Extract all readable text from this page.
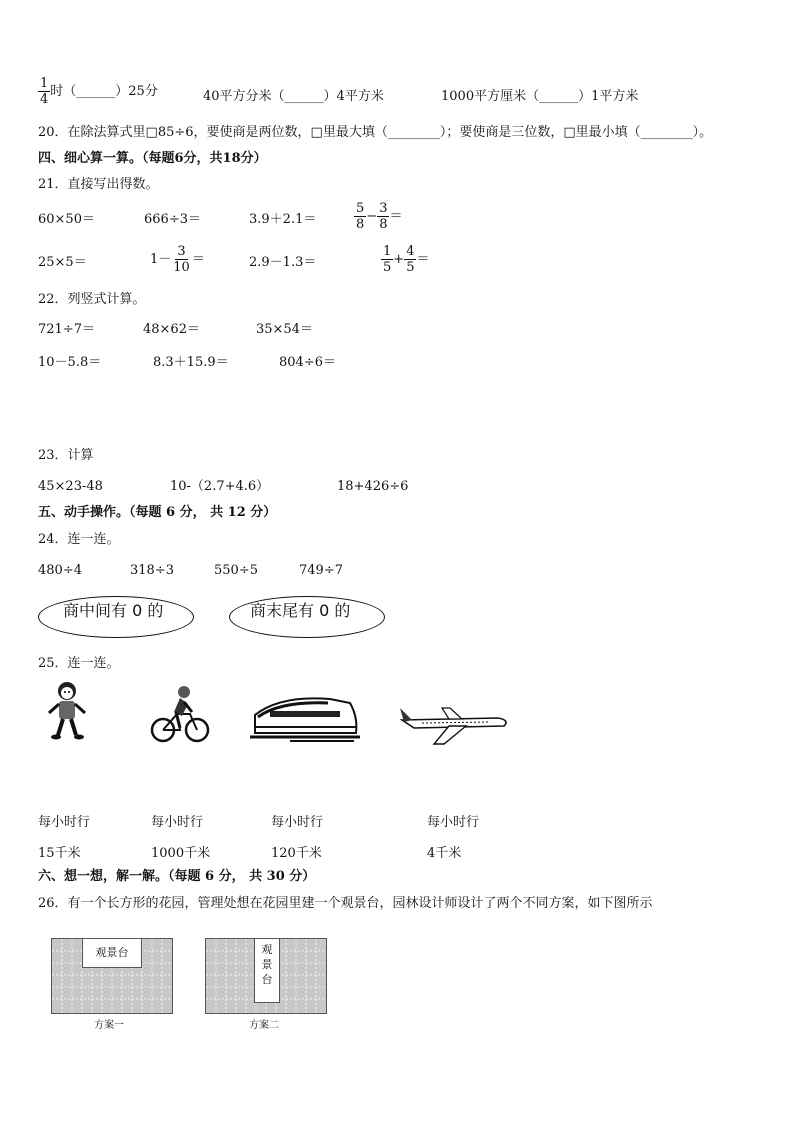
$\frac{1}{4}$ 时（______）25分	40平方分米（______）4平方米	1000平方厘米（______）1平方米
20．在除法算式里□85÷6，要使商是两位数，□里最大填（________）；要使商是三位数，□里最小填（________）。
四、细心算一算。（每题6分，共18分）
21．直接写出得数。
60×50＝	666÷3＝	3.9＋2.1＝	$\frac{5}{8} - \frac{3}{8}$ ＝
25×5＝	$1- \frac{3}{10}$ ＝	2.9－1.3＝	$\frac{1}{5} + \frac{4}{5}$ ＝
22．列竖式计算。
721÷7＝	48×62＝	35×54＝
10－5.8＝	8.3＋15.9＝	804÷6＝
23．计算
45×23-48	10-（2.7+4.6）	18+426÷6
五、动手操作。（每题 6 分， 共 12 分）
24．连一连。
480÷4	318÷3	550÷5	749÷7
商中间有 0 的	商末尾有 0 的
25．连一连。
每小时行	每小时行	每小时行	每小时行
15千米	1000千米	120千米	4千米
六、想一想，解一解。（每题 6 分， 共 30 分）
26．有一个长方形的花园，管理处想在花园里建一个观景台，园林设计师设计了两个不同方案，如下图所示
观景台
方案一
观
景
台
方案二
